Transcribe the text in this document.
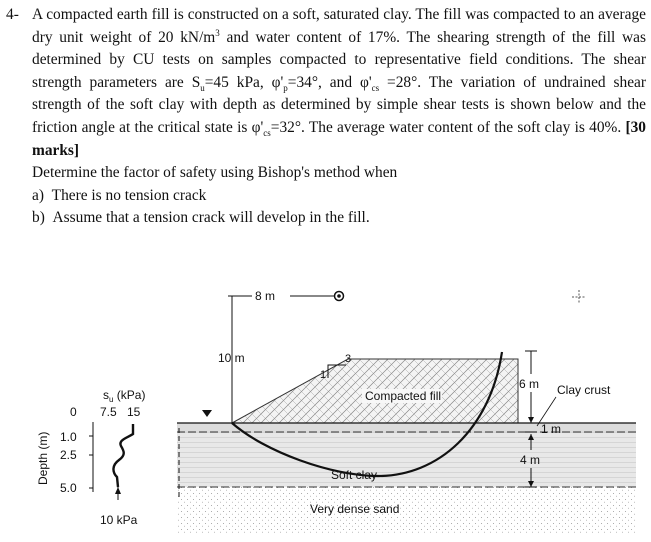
4- A compacted earth fill is constructed on a soft, saturated clay. The fill was compacted to an average dry unit weight of 20 $kN/m^3$ and water content of 17%. The shearing strength of the fill was determined by CU tests on samples compacted to representative field conditions. The shear strength parameters are $S_u=45$ kPa, $\varphi'_p=34^\circ$, and $\varphi'_{cs} =28^\circ$. The variation of undrained shear strength of the soft clay with depth as determined by simple shear tests is shown below and the friction angle at the critical state is $\varphi'_{cs}=32^\circ$. The average water content of the soft clay is 40%. [30 marks]
Determine the factor of safety using Bishop's method when
a) There is no tension crack
b) Assume that a tension crack will develop in the fill.
8 m
10 m
1
3
Compacted fill
Soft clay
Very dense sand
Clay crust
6 m
1 m
4 m
Depth (m)
$s_u$ (kPa)
7.5 15
0
1.0
2.5
5.0
10 kPa
